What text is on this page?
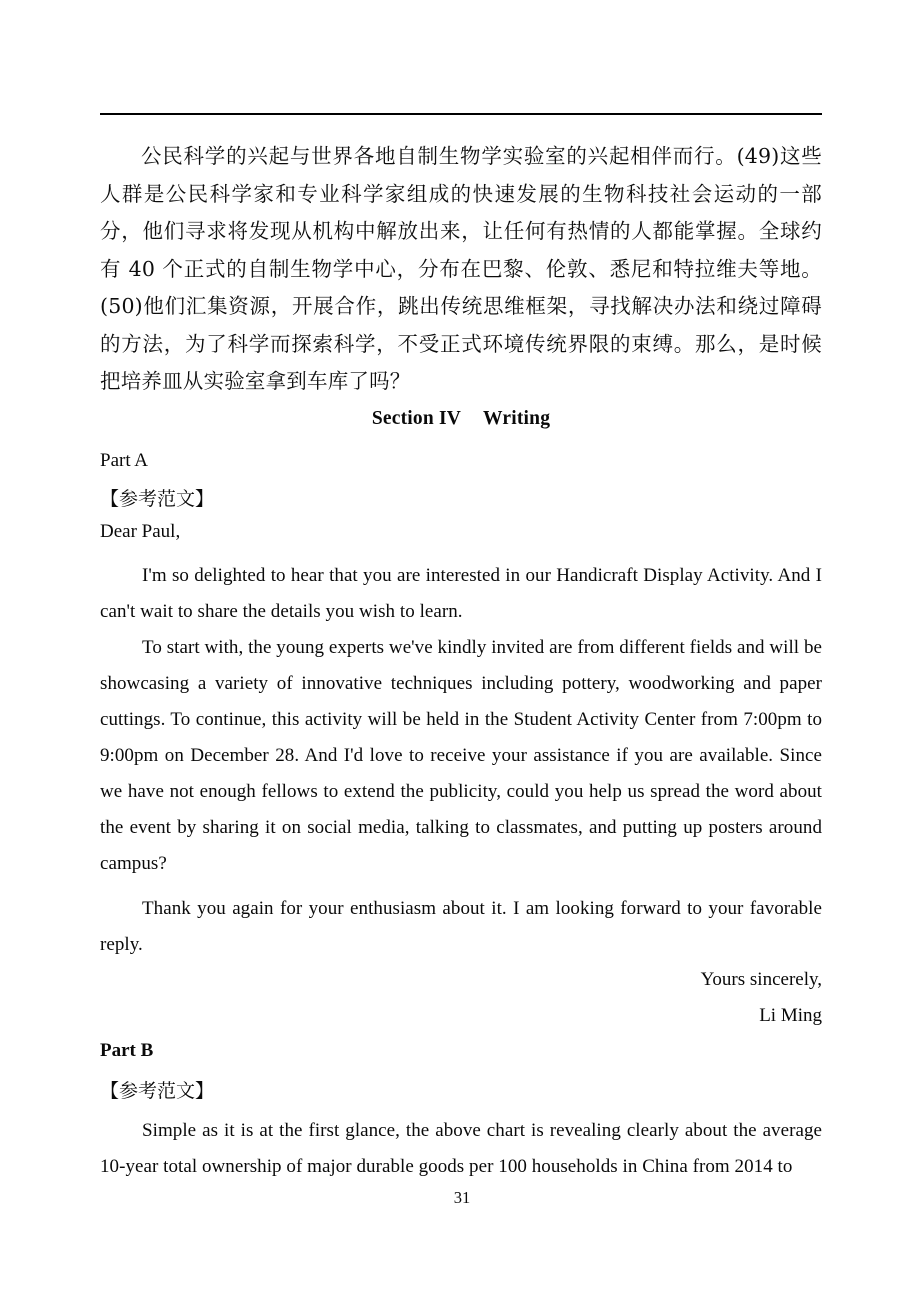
公民科学的兴起与世界各地自制生物学实验室的兴起相伴而行。(49)这些人群是公民科学家和专业科学家组成的快速发展的生物科技社会运动的一部分，他们寻求将发现从机构中解放出来，让任何有热情的人都能掌握。全球约有 40 个正式的自制生物学中心，分布在巴黎、伦敦、悉尼和特拉维夫等地。(50)他们汇集资源，开展合作，跳出传统思维框架，寻找解决办法和绕过障碍的方法，为了科学而探索科学，不受正式环境传统界限的束缚。那么，是时候把培养皿从实验室拿到车库了吗？
Section IV Writing
Part A
【参考范文】
Dear Paul,
I'm so delighted to hear that you are interested in our Handicraft Display Activity. And I can't wait to share the details you wish to learn.
To start with, the young experts we've kindly invited are from different fields and will be showcasing a variety of innovative techniques including pottery, woodworking and paper cuttings. To continue, this activity will be held in the Student Activity Center from 7:00pm to 9:00pm on December 28. And I'd love to receive your assistance if you are available. Since we have not enough fellows to extend the publicity, could you help us spread the word about the event by sharing it on social media, talking to classmates, and putting up posters around campus?
Thank you again for your enthusiasm about it. I am looking forward to your favorable reply.
Yours sincerely,
Li Ming
Part B
【参考范文】
Simple as it is at the first glance, the above chart is revealing clearly about the average 10-year total ownership of major durable goods per 100 households in China from 2014 to
31
